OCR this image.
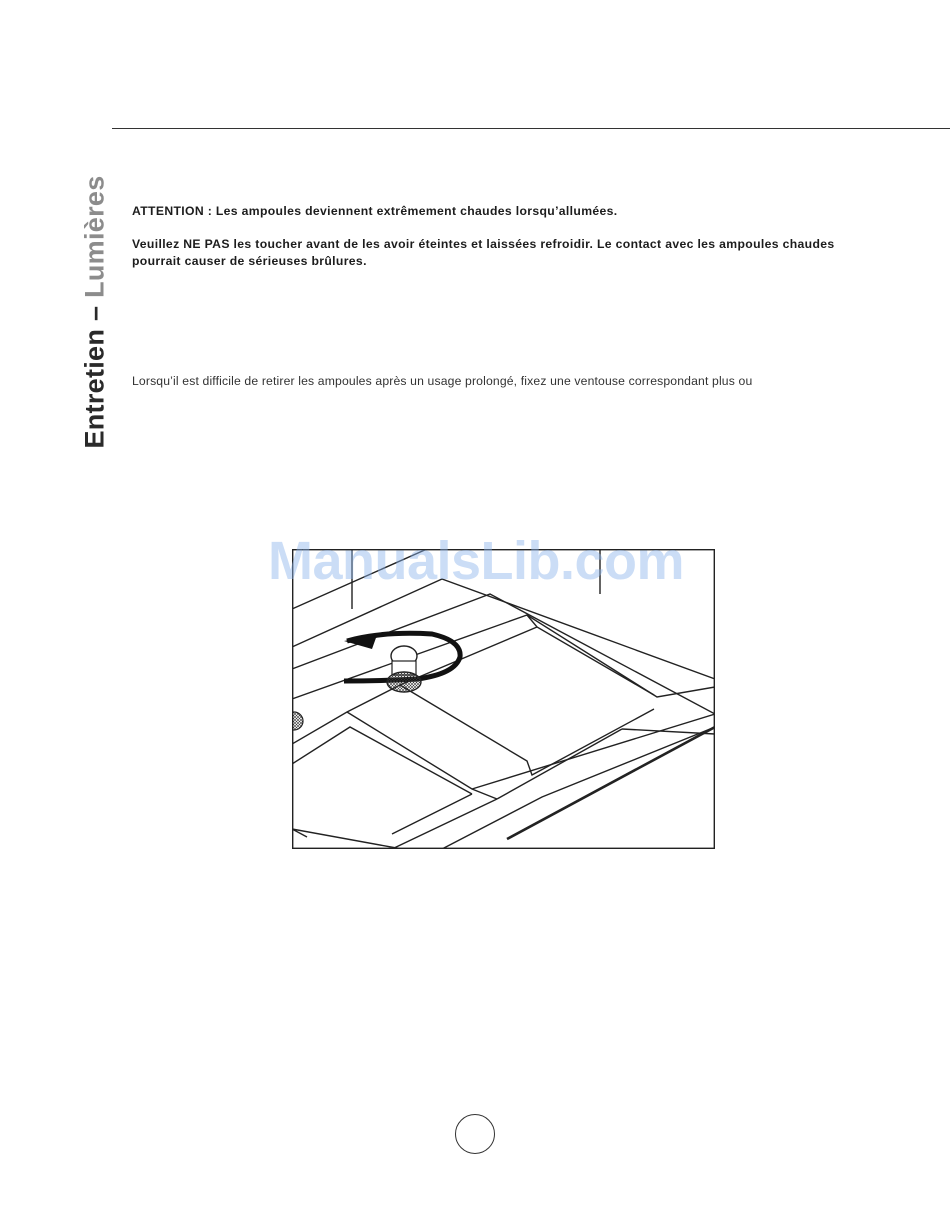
Entretien – Lumières ATTENTION : Les ampoules deviennent extrêmement chaudes lorsqu’allumées.
Veuillez NE PAS les toucher avant de les avoir éteintes et laissées refroidir. Le contact avec les ampoules chaudes pourrait causer de sérieuses brûlures.
Lorsqu’il est difficile de retirer les ampoules après un usage prolongé, fixez une ventouse correspondant plus ou
ManualsLib.com
